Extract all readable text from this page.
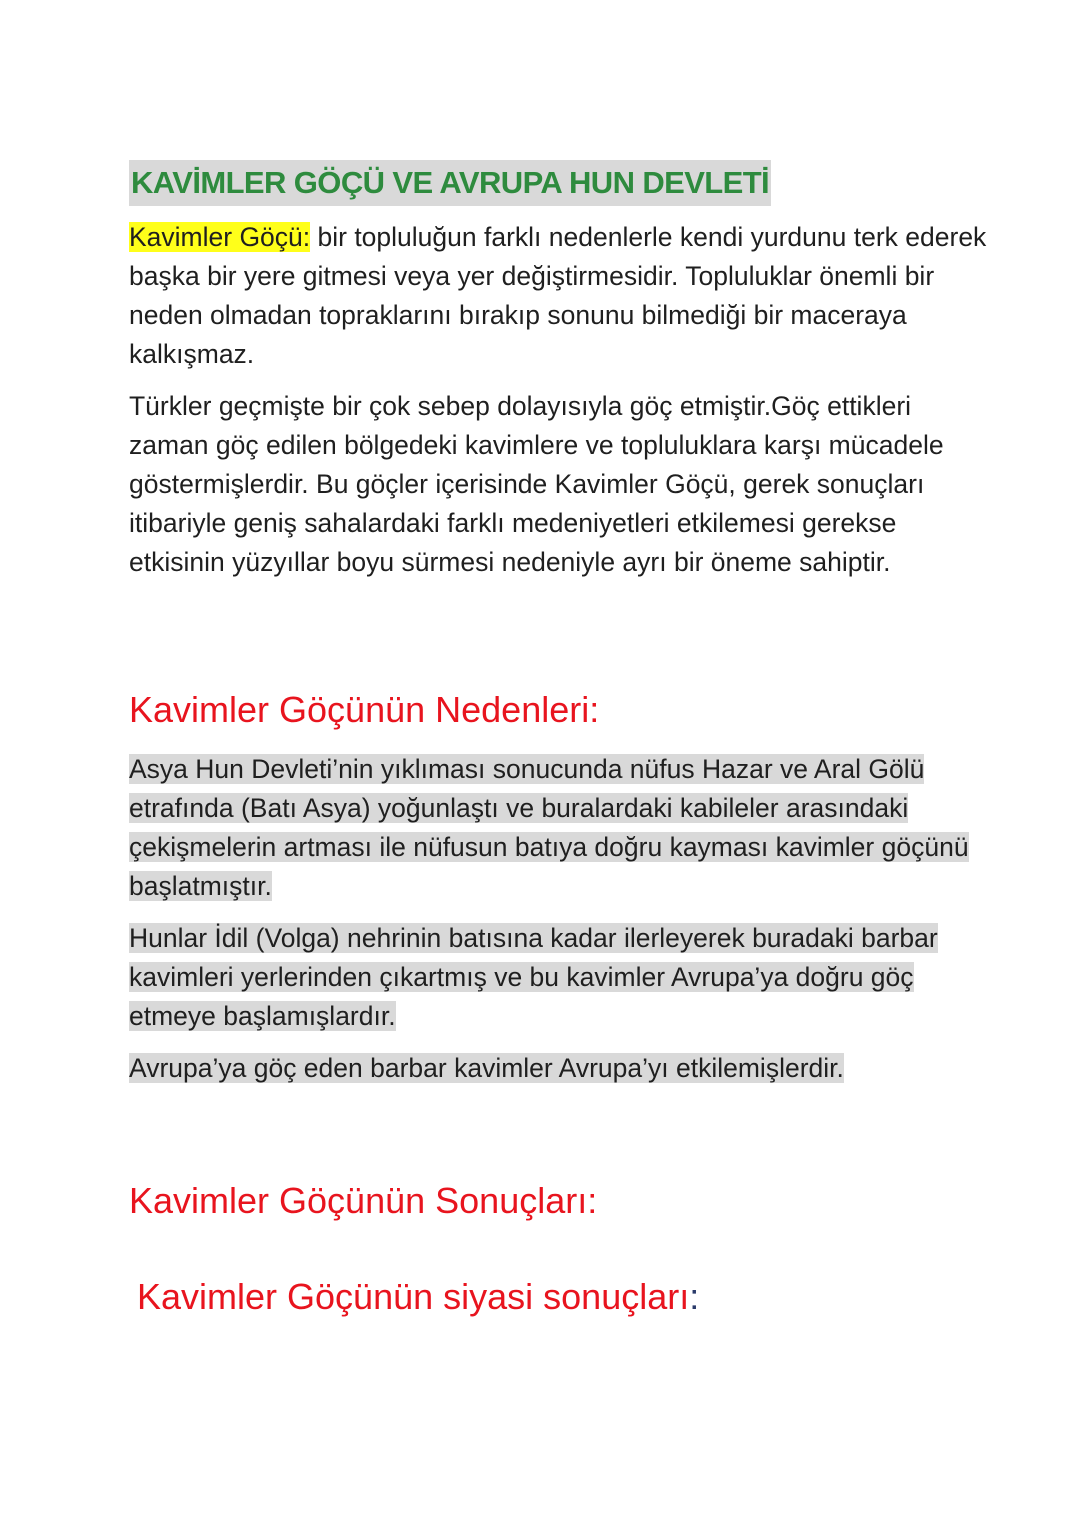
KAVİMLER GÖÇÜ VE AVRUPA HUN DEVLETİ

Kavimler Göçü: bir topluluğun farklı nedenlerle kendi yurdunu terk ederek başka bir yere gitmesi veya yer değiştirmesidir. Topluluklar önemli bir neden olmadan topraklarını bırakıp sonunu bilmediği bir maceraya kalkışmaz.

Türkler geçmişte bir çok sebep dolayısıyla göç etmiştir.Göç ettikleri zaman göç edilen bölgedeki kavimlere ve topluluklara karşı mücadele göstermişlerdir. Bu göçler içerisinde Kavimler Göçü, gerek sonuçları itibariyle geniş sahalardaki farklı medeniyetleri etkilemesi gerekse etkisinin yüzyıllar boyu sürmesi nedeniyle ayrı bir öneme sahiptir.

Kavimler Göçünün Nedenleri:

Asya Hun Devleti’nin yıklıması sonucunda nüfus Hazar ve Aral Gölü etrafında (Batı Asya) yoğunlaştı ve buralardaki kabileler arasındaki çekişmelerin artması ile nüfusun batıya doğru kayması kavimler göçünü başlatmıştır.

Hunlar İdil (Volga) nehrinin batısına kadar ilerleyerek buradaki barbar kavimleri yerlerinden çıkartmış ve bu kavimler Avrupa’ya doğru göç etmeye başlamışlardır.

Avrupa’ya göç eden barbar kavimler Avrupa’yı etkilemişlerdir.

Kavimler Göçünün Sonuçları:
Kavimler Göçünün siyasi sonuçları:
